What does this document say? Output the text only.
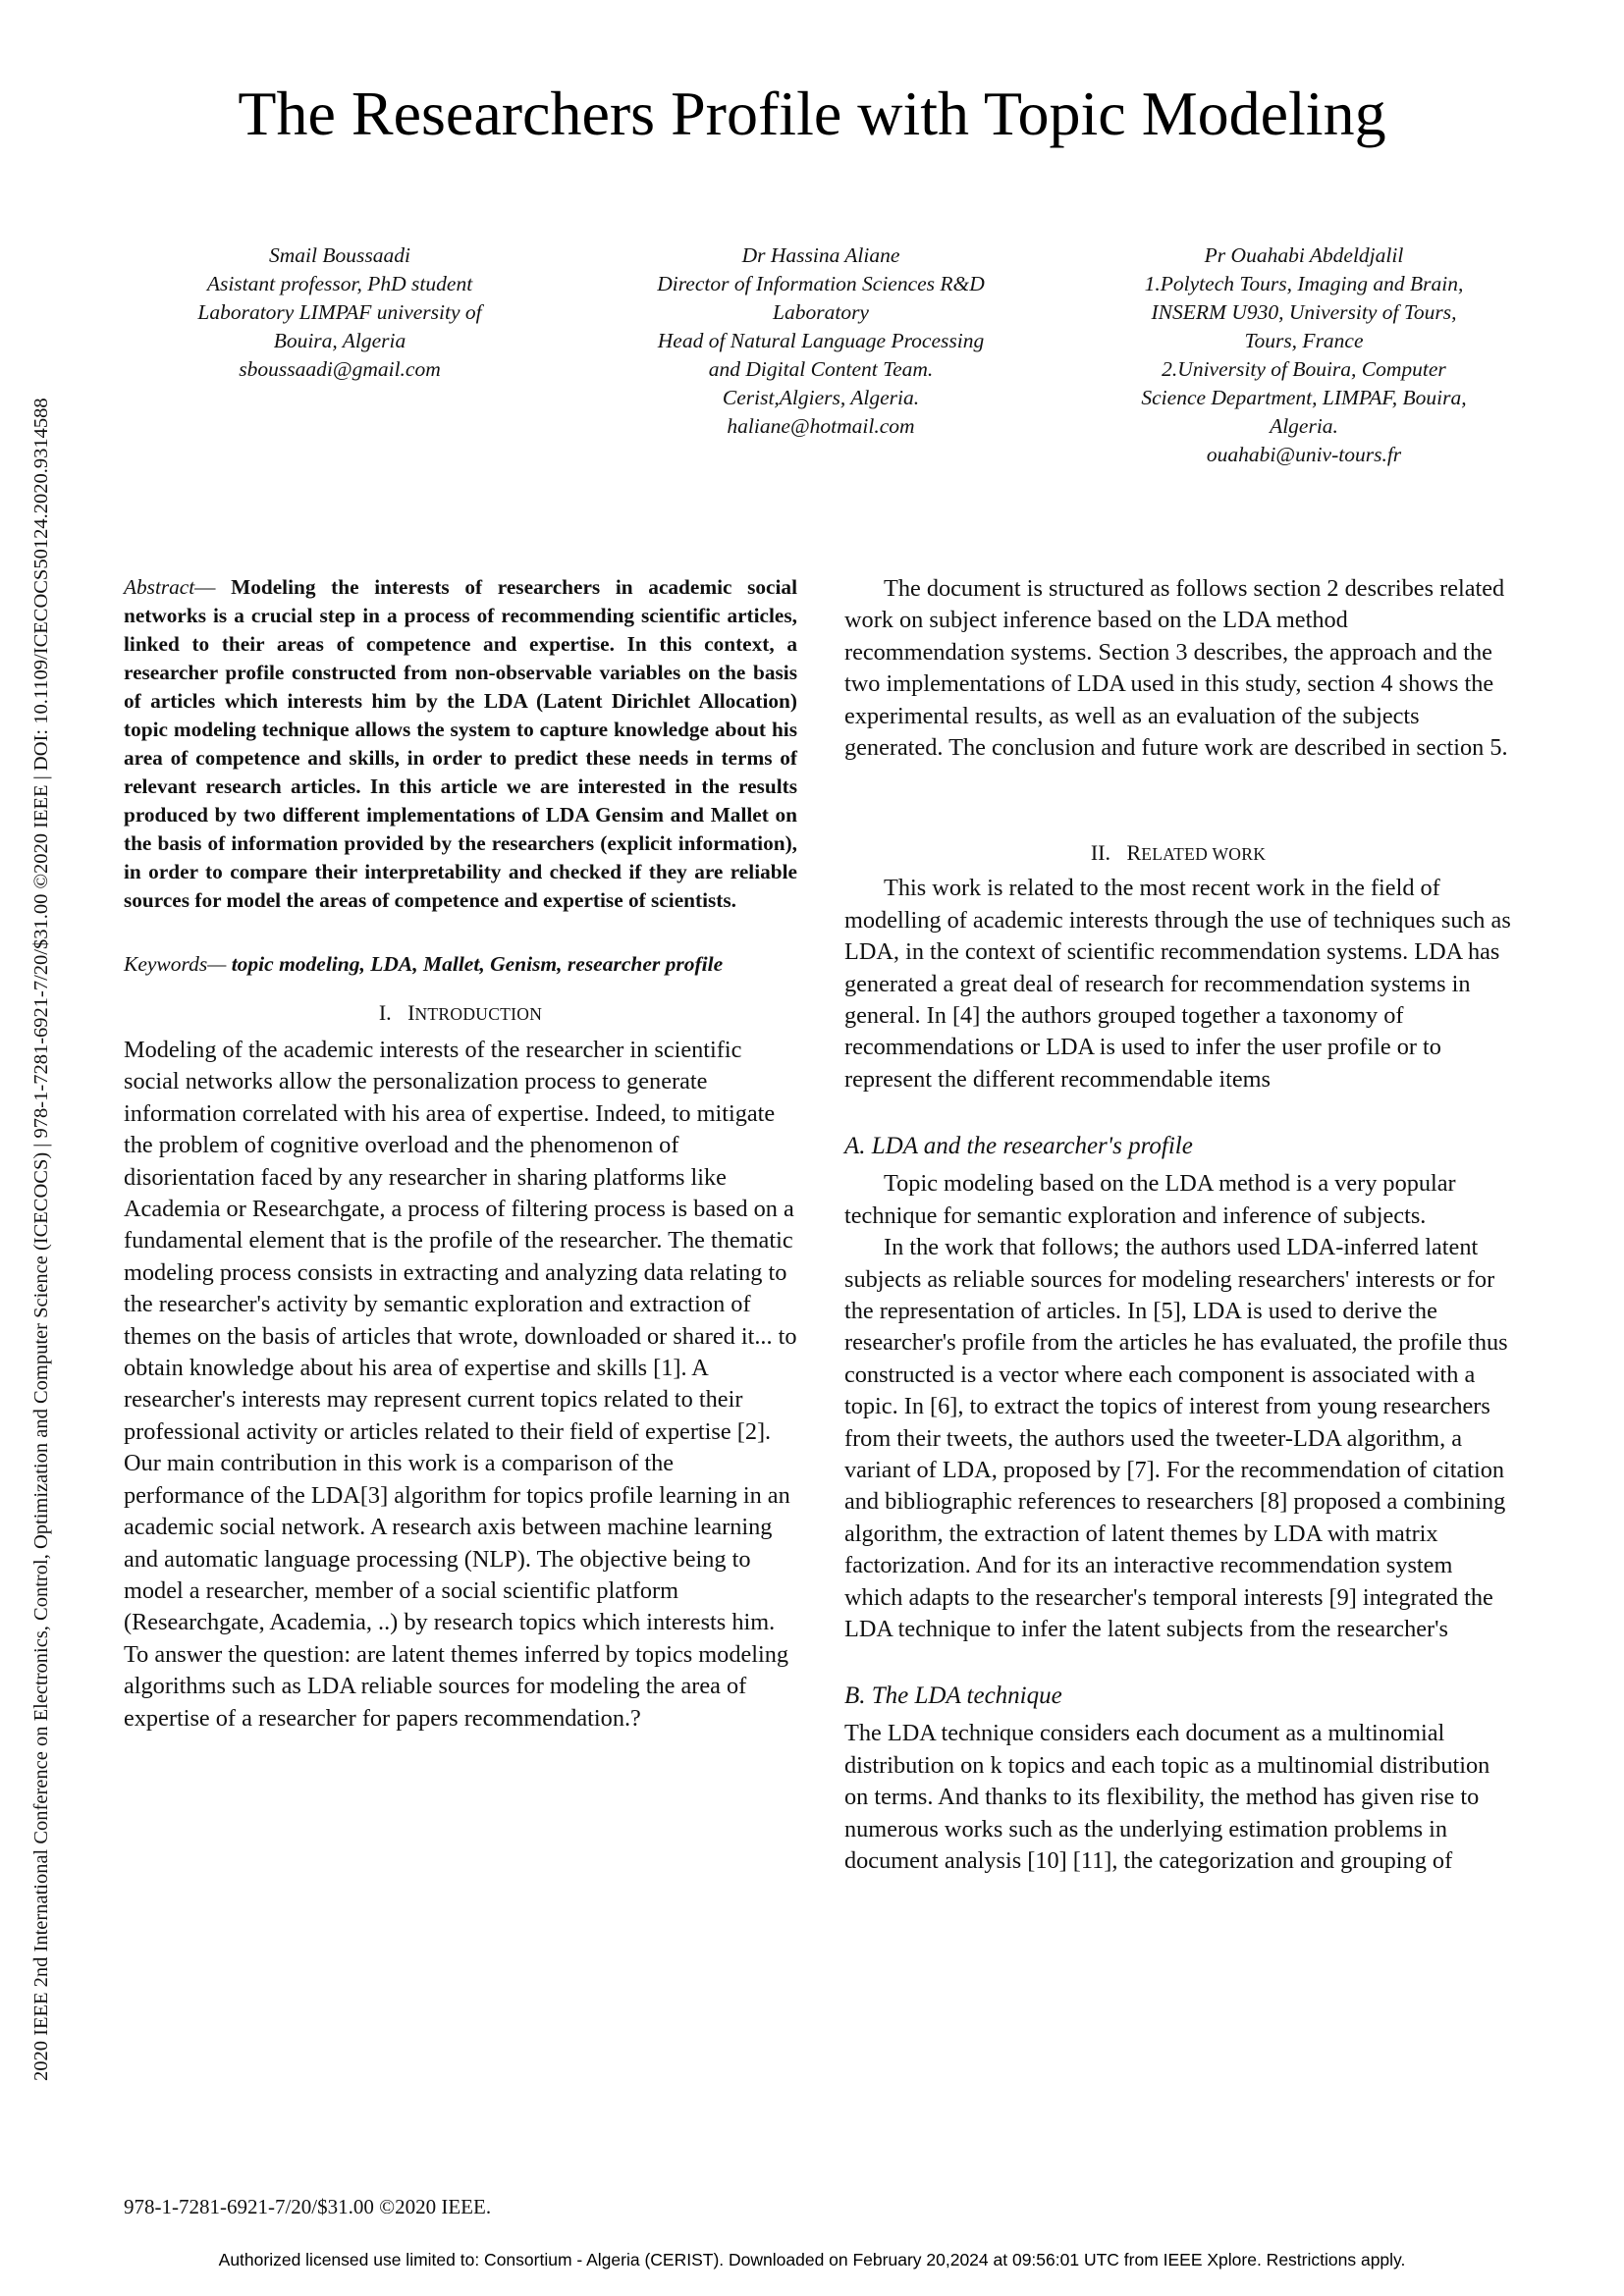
The Researchers Profile with Topic Modeling
2020 IEEE 2nd International Conference on Electronics, Control, Optimization and Computer Science (ICECOCS) | 978-1-7281-6921-7/20/$31.00 ©2020 IEEE | DOI: 10.1109/ICECOCS50124.2020.9314588
Smail Boussaadi
Asistant professor, PhD student
Laboratory LIMPAF university of
Bouira, Algeria
sboussaadi@gmail.com
Dr Hassina Aliane
Director of Information Sciences R&D
Laboratory
Head of Natural Language Processing
and Digital Content Team.
Cerist,Algiers, Algeria.
haliane@hotmail.com
Pr Ouahabi Abdeldjalil
1.Polytech Tours, Imaging and Brain,
INSERM U930, University of Tours,
Tours, France
2.University of Bouira, Computer
Science Department, LIMPAF, Bouira,
Algeria.
ouahabi@univ-tours.fr

Abstract— Modeling the interests of researchers in academic social networks is a crucial step in a process of recommending scientific articles, linked to their areas of competence and expertise. In this context, a researcher profile constructed from non-observable variables on the basis of articles which interests him by the LDA (Latent Dirichlet Allocation) topic modeling technique allows the system to capture knowledge about his area of competence and skills, in order to predict these needs in terms of relevant research articles. In this article we are interested in the results produced by two different implementations of LDA Gensim and Mallet on the basis of information provided by the researchers (explicit information), in order to compare their interpretability and checked if they are reliable sources for model the areas of competence and expertise of scientists.

Keywords— topic modeling, LDA, Mallet, Genism, researcher profile

I. INTRODUCTION

Modeling of the academic interests of the researcher in scientific social networks allow the personalization process to generate information correlated with his area of expertise. Indeed, to mitigate the problem of cognitive overload and the phenomenon of disorientation faced by any researcher in sharing platforms like Academia or Researchgate, a process of filtering process is based on a fundamental element that is the profile of the researcher. The thematic modeling process consists in extracting and analyzing data relating to the researcher's activity by semantic exploration and extraction of themes on the basis of articles that wrote, downloaded or shared it... to obtain knowledge about his area of expertise and skills [1]. A researcher's interests may represent current topics related to their professional activity or articles related to their field of expertise [2]. Our main contribution in this work is a comparison of the performance of the LDA[3] algorithm for topics profile learning in an academic social network. A research axis between machine learning and automatic language processing (NLP). The objective being to model a researcher, member of a social scientific platform (Researchgate, Academia, ..) by research topics which interests him. To answer the question: are latent themes inferred by topics modeling algorithms such as LDA reliable sources for modeling the area of expertise of a researcher for papers recommendation.?

The document is structured as follows section 2 describes related work on subject inference based on the LDA method recommendation systems. Section 3 describes, the approach and the two implementations of LDA used in this study, section 4 shows the experimental results, as well as an evaluation of the subjects generated. The conclusion and future work are described in section 5.

II. RELATED WORK

This work is related to the most recent work in the field of modelling of academic interests through the use of techniques such as LDA, in the context of scientific recommendation systems. LDA has generated a great deal of research for recommendation systems in general. In [4] the authors grouped together a taxonomy of recommendations or LDA is used to infer the user profile or to represent the different recommendable items

A. LDA and the researcher's profile

Topic modeling based on the LDA method is a very popular technique for semantic exploration and inference of subjects.

In the work that follows; the authors used LDA-inferred latent subjects as reliable sources for modeling researchers' interests or for the representation of articles. In [5], LDA is used to derive the researcher's profile from the articles he has evaluated, the profile thus constructed is a vector where each component is associated with a topic. In [6], to extract the topics of interest from young researchers from their tweets, the authors used the tweeter-LDA algorithm, a variant of LDA, proposed by [7]. For the recommendation of citation and bibliographic references to researchers [8] proposed a combining algorithm, the extraction of latent themes by LDA with matrix factorization. And for its an interactive recommendation system which adapts to the researcher's temporal interests [9] integrated the LDA technique to infer the latent subjects from the researcher's

B. The LDA technique

The LDA technique considers each document as a multinomial distribution on k topics and each topic as a multinomial distribution on terms. And thanks to its flexibility, the method has given rise to numerous works such as the underlying estimation problems in document analysis [10] [11], the categorization and grouping of

978-1-7281-6921-7/20/$31.00 ©2020 IEEE.
Authorized licensed use limited to: Consortium - Algeria (CERIST). Downloaded on February 20,2024 at 09:56:01 UTC from IEEE Xplore. Restrictions apply.
